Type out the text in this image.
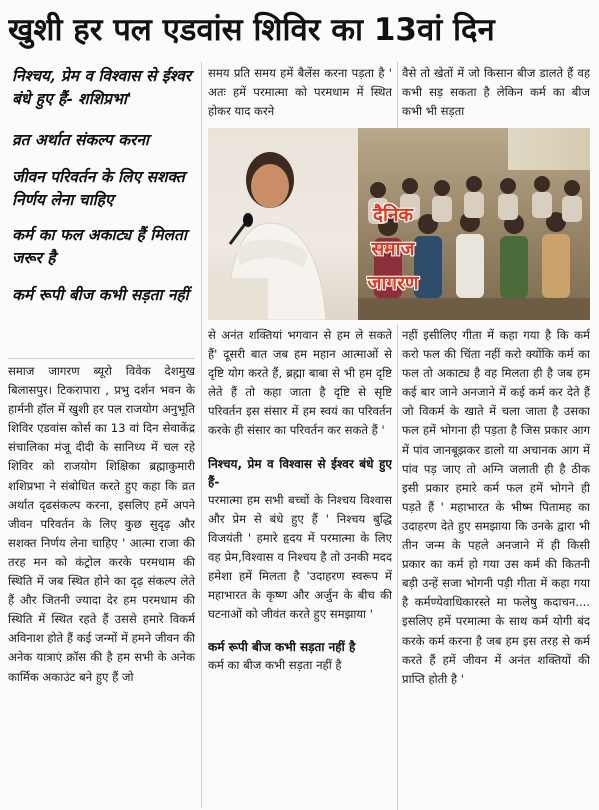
खुशी हर पल एडवांस शिविर का 13वां दिन
निश्चय, प्रेम व विश्वास से ईश्वर बंधे हुए हैं- शशिप्रभा'
व्रत अर्थात संकल्प करना
जीवन परिवर्तन के लिए सशक्त निर्णय लेना चाहिए
कर्म का फल अकाट्य हैं मिलता जरूर है
कर्म रूपी बीज कभी सड़ता नहीं
समय प्रति समय हमें बैलेंस करना पड़ता है ' अतः हमें परमात्मा को परमधाम में स्थित होकर याद करने
वैसे तो खेतों में जो किसान बीज डालते हैं वह कभी सड़ सकता है लेकिन कर्म का बीज कभी भी सड़ता
दैनिक
समाज
जागरण
समाज जागरण ब्यूरो विवेक देशमुख बिलासपुर। टिकरापारा , प्रभु दर्शन भवन के हार्मनी हॉल में खुशी हर पल राजयोग अनुभूति शिविर एडवांस कोर्स का 13 वां दिन सेवाकेंद्र संचालिका मंजू दीदी के सानिध्य में चल रहे शिविर को राजयोग शिक्षिका ब्रह्माकुमारी शशिप्रभा ने संबोधित करते हुए कहा कि व्रत अर्थात दृढसंकल्प करना, इसलिए हमें अपने जीवन परिवर्तन के लिए कुछ सुदृढ़ और सशक्त निर्णय लेना चाहिए ' आत्मा राजा की तरह मन को कंट्रोल करके परमधाम की स्थिति में जब स्थित होने का दृढ़ संकल्प लेते हैं और जितनी ज्यादा देर हम परमधाम की स्थिति में स्थित रहते हैं उससे हमारे विकर्म अविनाश होते हैं कई जन्मों में हमने जीवन की अनेक यात्राएं क्रॉस की है हम सभी के अनेक कार्मिक अकाउंट बने हुए हैं जो
से अनंत शक्तियां भगवान से हम ले सकते हैं' दूसरी बात जब हम महान आत्माओं से दृष्टि योग करते हैं, ब्रह्मा बाबा से भी हम दृष्टि लेते हैं तो कहा जाता है दृष्टि से सृष्टि परिवर्तन इस संसार में हम स्वयं का परिवर्तन करके ही संसार का परिवर्तन कर सकते हैं '
निश्चय, प्रेम व विश्वास से ईश्वर बंधे हुए हैं-
परमात्मा हम सभी बच्चों के निश्चय विश्वास और प्रेम से बंधे हुए हैं ' निश्चय बुद्धि विजयंती ' हमारे हृदय में परमात्मा के लिए वह प्रेम,विश्वास व निश्चय है तो उनकी मदद हमेशा हमें मिलता है 'उदाहरण स्वरूप में महाभारत के कृष्ण और अर्जुन के बीच की घटनाओं को जीवंत करते हुए समझाया '
कर्म रूपी बीज कभी सड़ता नहीं है
कर्म का बीज कभी सड़ता नहीं है
नहीं इसीलिए गीता में कहा गया है कि कर्म करो फल की चिंता नहीं करो क्योंकि कर्म का फल तो अकाट्य है वह मिलता ही है जब हम कई बार जाने अनजाने में कई कर्म कर देते हैं जो विकर्म के खाते में चला जाता है उसका फल हमें भोगना ही पड़ता है जिस प्रकार आग में पांव जानबूझकर डालो या अचानक आग में पांव पड़ जाए तो अग्नि जलाती ही है ठीक इसी प्रकार हमारे कर्म फल हमें भोगने ही पड़ते हैं ' महाभारत के भीष्म पितामह का उदाहरण देते हुए समझाया कि उनके द्वारा भी तीन जन्म के पहले अनजाने में ही किसी प्रकार का कर्म हो गया उस कर्म की कितनी बड़ी उन्हें सजा भोगनी पड़ी गीता में कहा गया है कर्मण्येवाधिकारस्ते मा फलेषु कदाचन.... इसलिए हमें परमात्मा के साथ कर्म योगी बंद करके कर्म करना है जब हम इस तरह से कर्म करते हैं हमें जीवन में अनंत शक्तियों की प्राप्ति होती है '
